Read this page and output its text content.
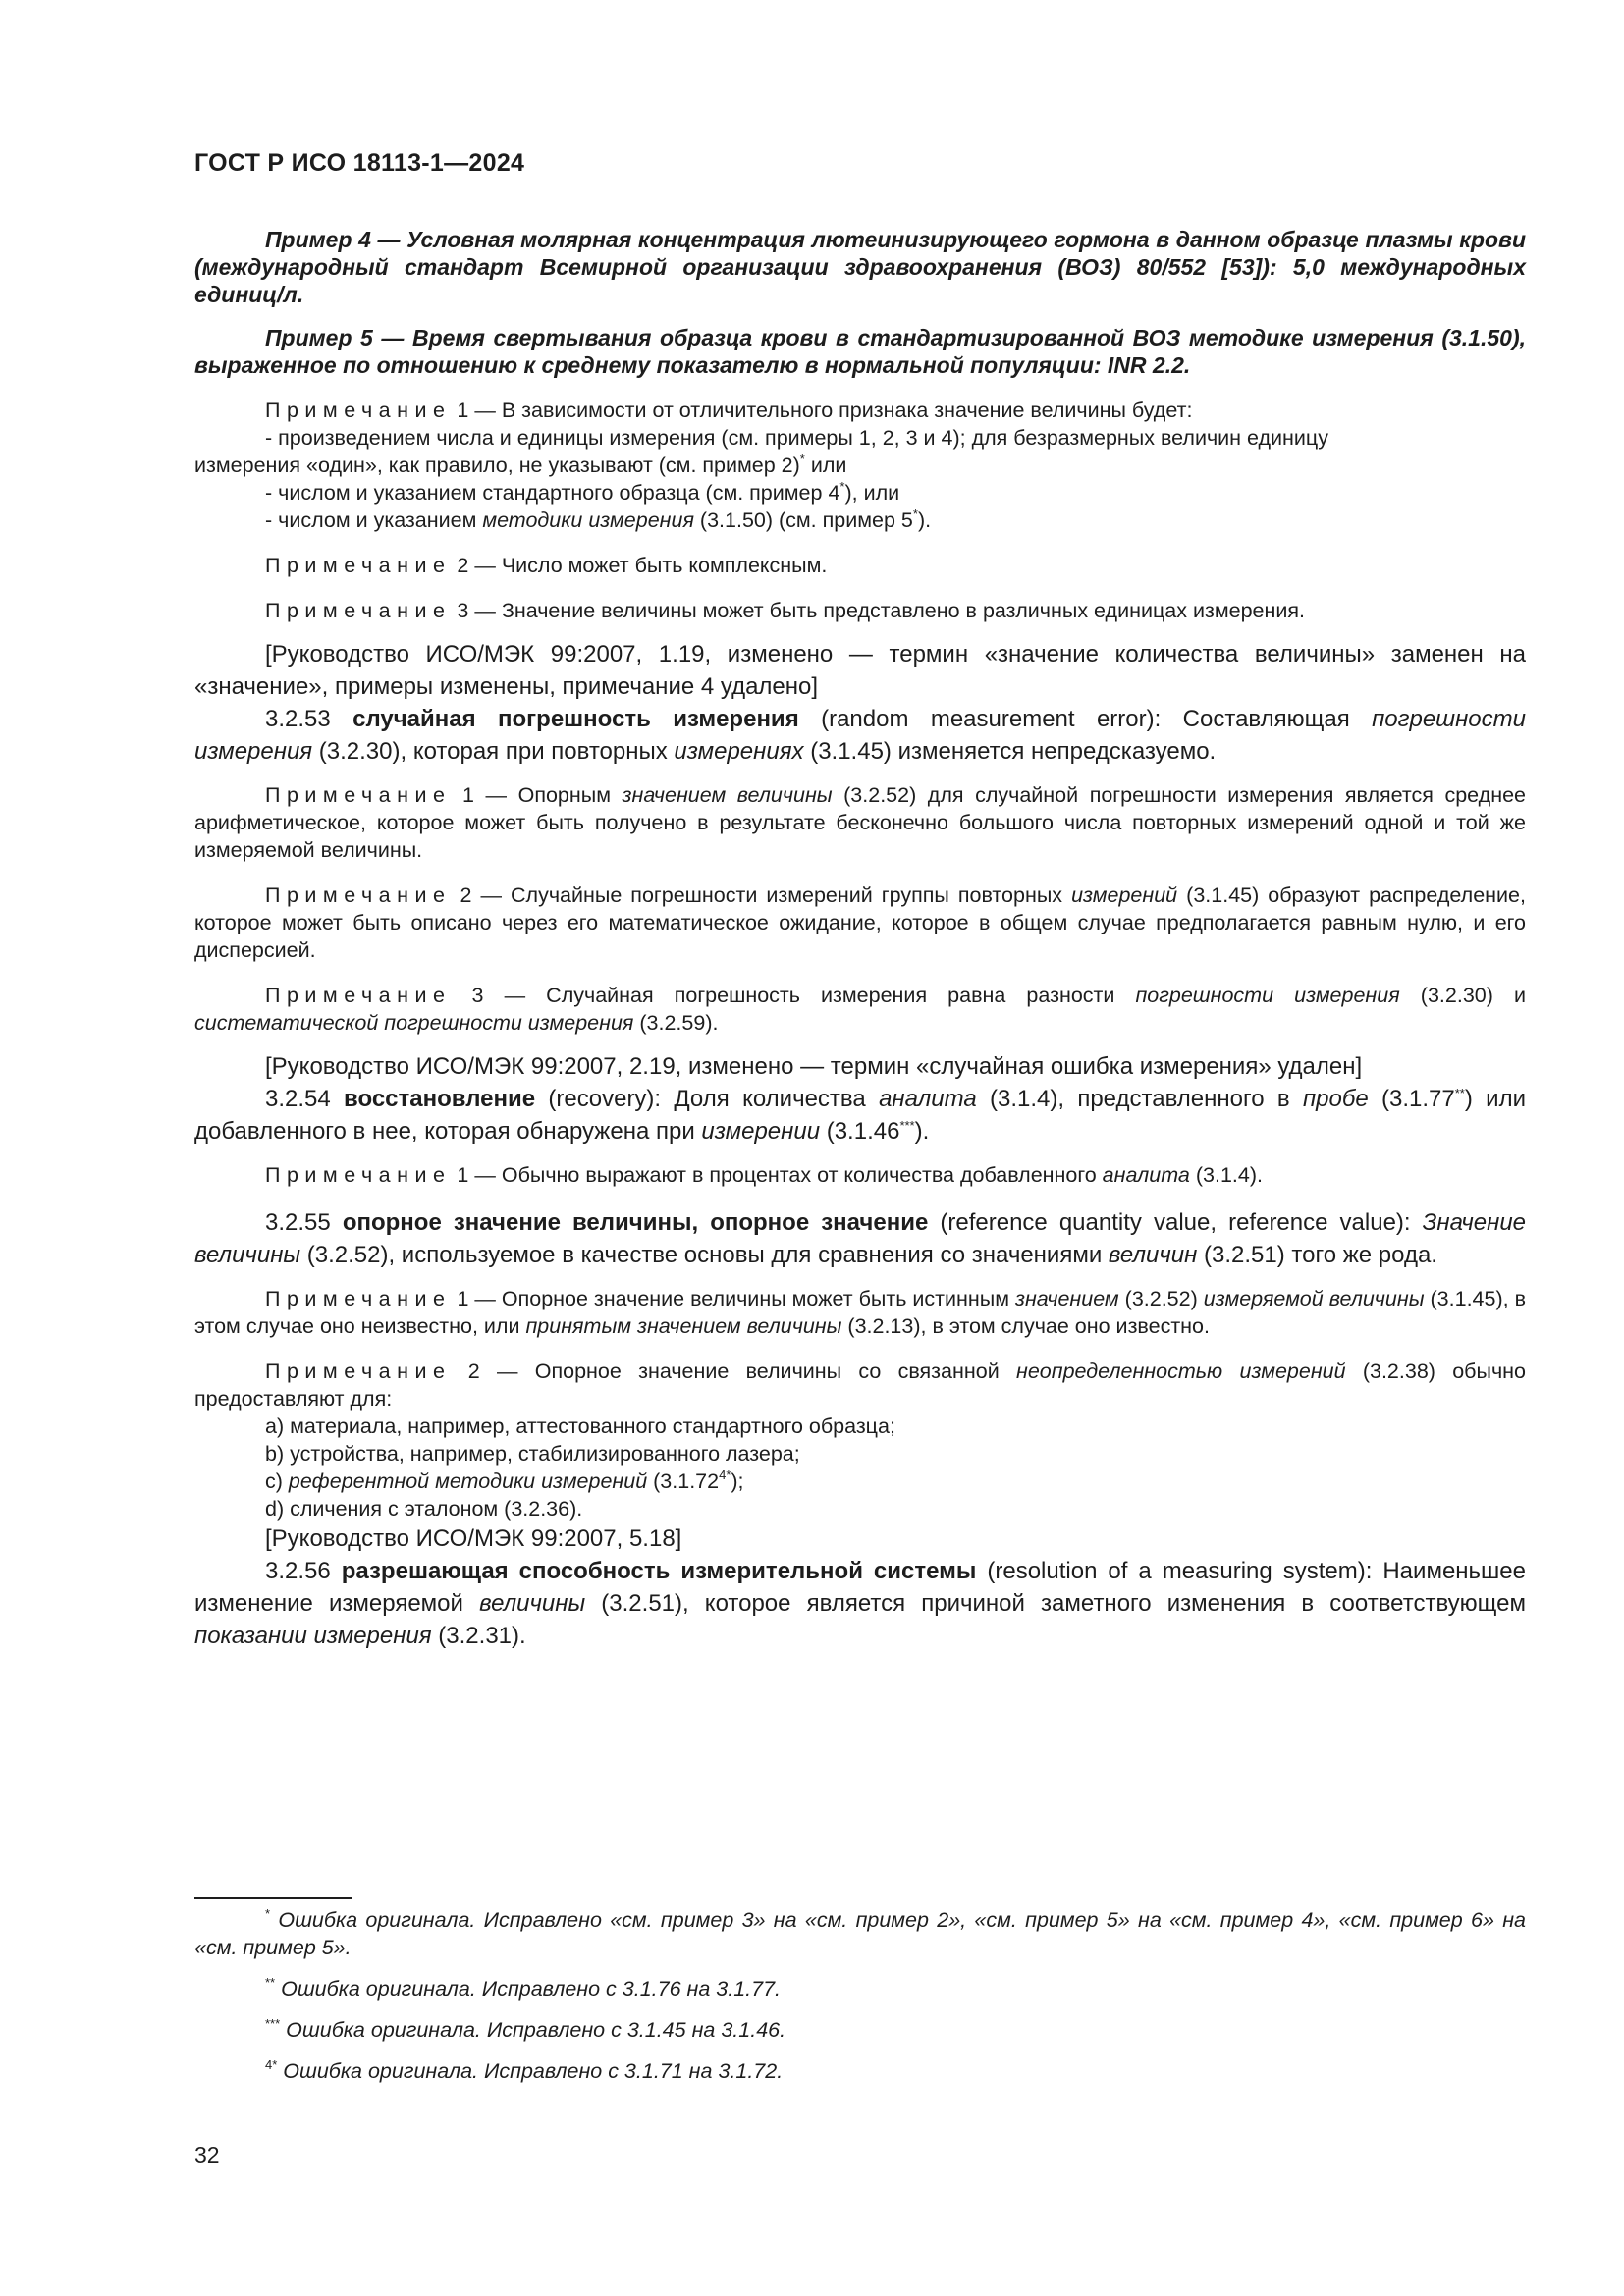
ГОСТ Р ИСО 18113-1—2024

Пример 4 — Условная молярная концентрация лютеинизирующего гормона в данном образце плазмы крови (международный стандарт Всемирной организации здравоохранения (ВОЗ) 80/552 [53]): 5,0 международных единиц/л.

Пример 5 — Время свертывания образца крови в стандартизированной ВОЗ методике измерения (3.1.50), выраженное по отношению к среднему показателю в нормальной популяции: INR 2.2.

Примечание 1 — В зависимости от отличительного признака значение величины будет:

- произведением числа и единицы измерения (см. примеры 1, 2, 3 и 4); для безразмерных величин единицу

измерения «один», как правило, не указывают (см. пример 2)* или

- числом и указанием стандартного образца (см. пример 4*), или

- числом и указанием методики измерения (3.1.50) (см. пример 5*).

Примечание 2 — Число может быть комплексным.

Примечание 3 — Значение величины может быть представлено в различных единицах измерения.

[Руководство ИСО/МЭК 99:2007, 1.19, изменено — термин «значение количества величины» заменен на «значение», примеры изменены, примечание 4 удалено]

3.2.53 случайная погрешность измерения (random measurement error): Составляющая погрешности измерения (3.2.30), которая при повторных измерениях (3.1.45) изменяется непредсказуемо.

Примечание 1 — Опорным значением величины (3.2.52) для случайной погрешности измерения является среднее арифметическое, которое может быть получено в результате бесконечно большого числа повторных измерений одной и той же измеряемой величины.

Примечание 2 — Случайные погрешности измерений группы повторных измерений (3.1.45) образуют распределение, которое может быть описано через его математическое ожидание, которое в общем случае предполагается равным нулю, и его дисперсией.

Примечание 3 — Случайная погрешность измерения равна разности погрешности измерения (3.2.30) и систематической погрешности измерения (3.2.59).

[Руководство ИСО/МЭК 99:2007, 2.19, изменено — термин «случайная ошибка измерения» удален]

3.2.54 восстановление (recovery): Доля количества аналита (3.1.4), представленного в пробе (3.1.77**) или добавленного в нее, которая обнаружена при измерении (3.1.46***).

Примечание 1 — Обычно выражают в процентах от количества добавленного аналита (3.1.4).

3.2.55 опорное значение величины, опорное значение (reference quantity value, reference value): Значение величины (3.2.52), используемое в качестве основы для сравнения со значениями величин (3.2.51) того же рода.

Примечание 1 — Опорное значение величины может быть истинным значением (3.2.52) измеряемой величины (3.1.45), в этом случае оно неизвестно, или принятым значением величины (3.2.13), в этом случае оно известно.

Примечание 2 — Опорное значение величины со связанной неопределенностью измерений (3.2.38) обычно предоставляют для:

a) материала, например, аттестованного стандартного образца;

b) устройства, например, стабилизированного лазера;

c) референтной методики измерений $(3.1.72^{4*})$;

d) сличения с эталоном (3.2.36).

[Руководство ИСО/МЭК 99:2007, 5.18]

3.2.56 разрешающая способность измерительной системы (resolution of a measuring system): Наименьшее изменение измеряемой величины (3.2.51), которое является причиной заметного изменения в соответствующем показании измерения (3.2.31).

* Ошибка оригинала. Исправлено «см. пример 3» на «см. пример 2», «см. пример 5» на «см. пример 4», «см. пример 6» на «см. пример 5».

** Ошибка оригинала. Исправлено с 3.1.76 на 3.1.77.

*** Ошибка оригинала. Исправлено с 3.1.45 на 3.1.46.

$^{4*}$ Ошибка оригинала. Исправлено с 3.1.71 на 3.1.72.

32
